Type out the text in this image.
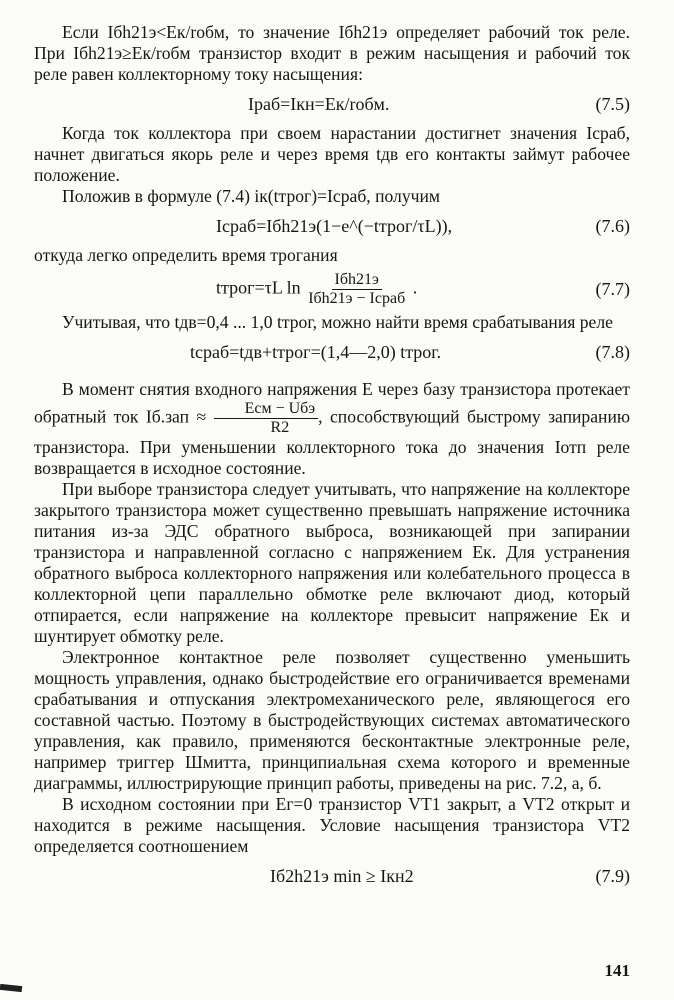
Если Iбh21э<Eк/rобм, то значение Iбh21э определяет рабочий ток реле. При Iбh21э≥Eк/rобм транзистор входит в режим насыщения и рабочий ток реле равен коллекторному току насыщения:

Iраб=Iкн=Eк/rобм.	(7.5)

Когда ток коллектора при своем нарастании достигнет значения Iсраб, начнет двигаться якорь реле и через время tдв его контакты займут рабочее положение.

Положив в формуле (7.4) iк(tтрог)=Iсраб, получим

Iсраб=Iбh21э(1−e^(−tтрог/τL)),	(7.6)

откуда легко определить время трогания

tтрог=τL $\ln \frac{\text{Iбh21э}}{\text{Iбh21э − Iсраб}}$ .	(7.7)

Учитывая, что tдв=0,4 ... 1,0 tтрог, можно найти время срабатывания реле

tсраб=tдв+tтрог=(1,4—2,0) tтрог.	(7.8)

В момент снятия входного напряжения E через базу транзистора протекает обратный ток $Iб.зап \approx \frac{\text{Eсм − Uбэ}}{R2}$ , способствующий быстрому запиранию транзистора. При уменьшении коллекторного тока до значения Iотп реле возвращается в исходное состояние.

При выборе транзистора следует учитывать, что напряжение на коллекторе закрытого транзистора может существенно превышать напряжение источника питания из-за ЭДС обратного выброса, возникающей при запирании транзистора и направленной согласно с напряжением Eк. Для устранения обратного выброса коллекторного напряжения или колебательного процесса в коллекторной цепи параллельно обмотке реле включают диод, который отпирается, если напряжение на коллекторе превысит напряжение Eк и шунтирует обмотку реле.

Электронное контактное реле позволяет существенно уменьшить мощность управления, однако быстродействие его ограничивается временами срабатывания и отпускания электромеханического реле, являющегося его составной частью. Поэтому в быстродействующих системах автоматического управления, как правило, применяются бесконтактные электронные реле, например триггер Шмитта, принципиальная схема которого и временные диаграммы, иллюстрирующие принцип работы, приведены на рис. 7.2, а, б.

В исходном состоянии при Eг=0 транзистор VT1 закрыт, а VT2 открыт и находится в режиме насыщения. Условие насыщения транзистора VT2 определяется соотношением

Iб2h21э min ≥ Iкн2	(7.9)
141
